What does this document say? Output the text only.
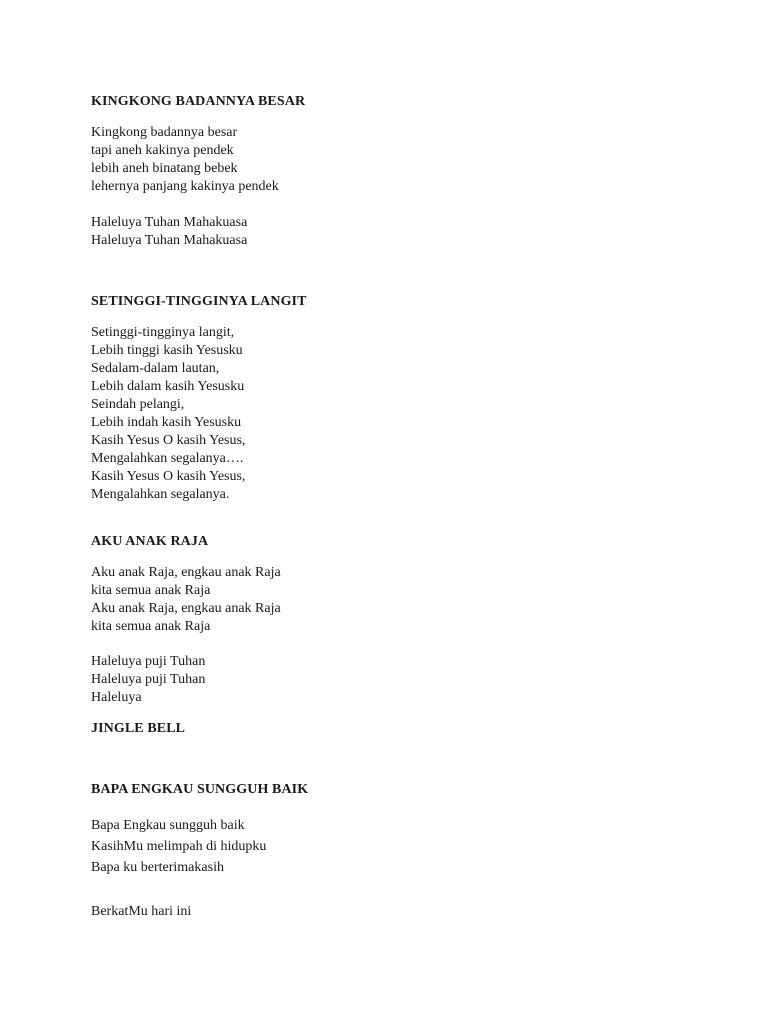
KINGKONG BADANNYA BESAR

Kingkong badannya besar
tapi aneh kakinya pendek
lebih aneh binatang bebek
lehernya panjang kakinya pendek

Haleluya Tuhan Mahakuasa
Haleluya Tuhan Mahakuasa

SETINGGI-TINGGINYA LANGIT

Setinggi-tingginya langit,
Lebih tinggi kasih Yesusku
Sedalam-dalam lautan,
Lebih dalam kasih Yesusku
Seindah pelangi,
Lebih indah kasih Yesusku
Kasih Yesus O kasih Yesus,
Mengalahkan segalanya….
Kasih Yesus O kasih Yesus,
Mengalahkan segalanya.

AKU ANAK RAJA

Aku anak Raja, engkau anak Raja
kita semua anak Raja
Aku anak Raja, engkau anak Raja
kita semua anak Raja

Haleluya puji Tuhan
Haleluya puji Tuhan
Haleluya

JINGLE BELL
BAPA ENGKAU SUNGGUH BAIK

Bapa Engkau sungguh baik
KasihMu melimpah di hidupku
Bapa ku berterimakasih

BerkatMu hari ini
